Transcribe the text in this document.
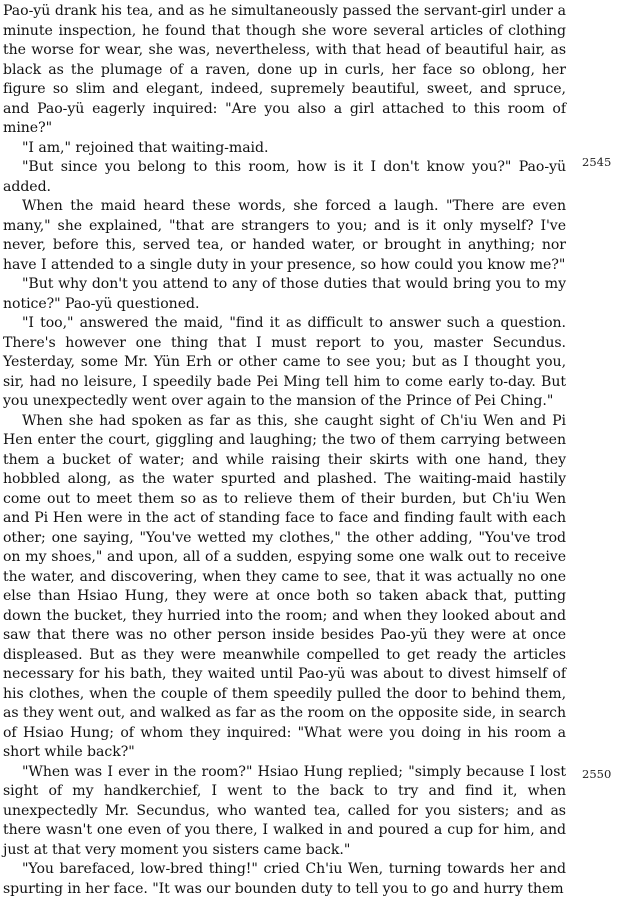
Pao-yü drank his tea, and as he simultaneously passed the servant-girl under a minute inspection, he found that though she wore several articles of clothing the worse for wear, she was, nevertheless, with that head of beautiful hair, as black as the plumage of a raven, done up in curls, her face so oblong, her figure so slim and elegant, indeed, supremely beautiful, sweet, and spruce, and Pao-yü eagerly inquired: "Are you also a girl attached to this room of mine?"

"I am," rejoined that waiting-maid.

"But since you belong to this room, how is it I don't know you?" Pao-yü added.

When the maid heard these words, she forced a laugh. "There are even many," she explained, "that are strangers to you; and is it only myself? I've never, before this, served tea, or handed water, or brought in anything; nor have I attended to a single duty in your presence, so how could you know me?"

"But why don't you attend to any of those duties that would bring you to my notice?" Pao-yü questioned.

"I too," answered the maid, "find it as difficult to answer such a question. There's however one thing that I must report to you, master Secundus. Yesterday, some Mr. Yün Erh or other came to see you; but as I thought you, sir, had no leisure, I speedily bade Pei Ming tell him to come early to-day. But you unexpectedly went over again to the mansion of the Prince of Pei Ching."

When she had spoken as far as this, she caught sight of Ch'iu Wen and Pi Hen enter the court, giggling and laughing; the two of them carrying between them a bucket of water; and while raising their skirts with one hand, they hobbled along, as the water spurted and plashed. The waiting-maid hastily come out to meet them so as to relieve them of their burden, but Ch'iu Wen and Pi Hen were in the act of standing face to face and finding fault with each other; one saying, "You've wetted my clothes," the other adding, "You've trod on my shoes," and upon, all of a sudden, espying some one walk out to receive the water, and discovering, when they came to see, that it was actually no one else than Hsiao Hung, they were at once both so taken aback that, putting down the bucket, they hurried into the room; and when they looked about and saw that there was no other person inside besides Pao-yü they were at once displeased. But as they were meanwhile compelled to get ready the articles necessary for his bath, they waited until Pao-yü was about to divest himself of his clothes, when the couple of them speedily pulled the door to behind them, as they went out, and walked as far as the room on the opposite side, in search of Hsiao Hung; of whom they inquired: "What were you doing in his room a short while back?"

"When was I ever in the room?" Hsiao Hung replied; "simply because I lost sight of my handkerchief, I went to the back to try and find it, when unexpectedly Mr. Secundus, who wanted tea, called for you sisters; and as there wasn't one even of you there, I walked in and poured a cup for him, and just at that very moment you sisters came back."

"You barefaced, low-bred thing!" cried Ch'iu Wen, turning towards her and spurting in her face. "It was our bounden duty to tell you to go and hurry them

2545
2550
